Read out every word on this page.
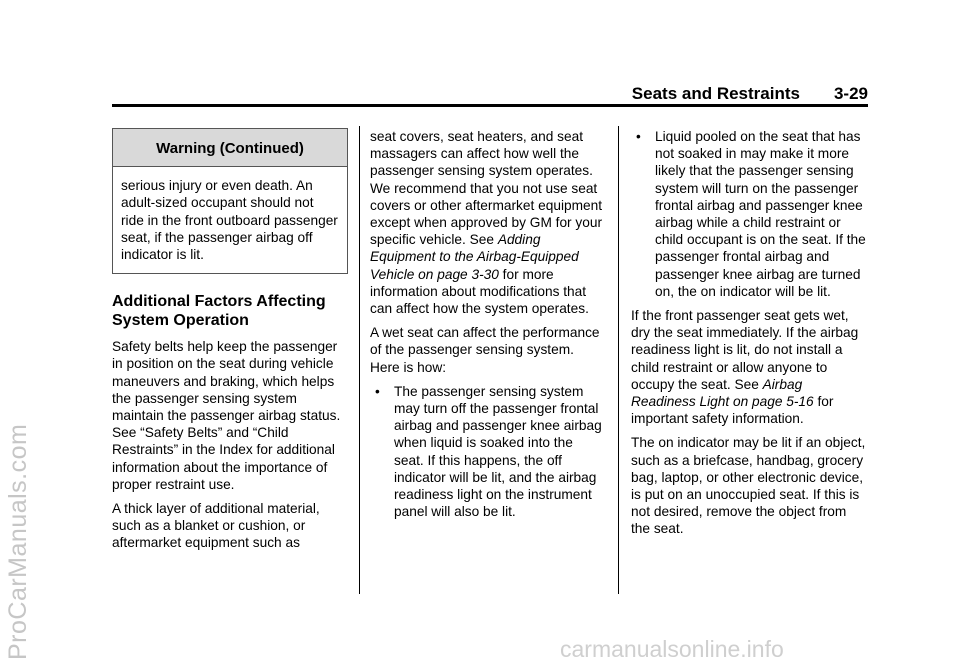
ProCarManuals.com	carmanualsonline.info
Seats and Restraints 3-29
Warning (Continued)
serious injury or even death. An adult-sized occupant should not ride in the front outboard passenger seat, if the passenger airbag off indicator is lit.
Additional Factors Affecting System Operation

Safety belts help keep the passenger in position on the seat during vehicle maneuvers and braking, which helps the passenger sensing system maintain the passenger airbag status. See “Safety Belts” and “Child Restraints” in the Index for additional information about the importance of proper restraint use.

A thick layer of additional material, such as a blanket or cushion, or aftermarket equipment such as

seat covers, seat heaters, and seat massagers can affect how well the passenger sensing system operates. We recommend that you not use seat covers or other aftermarket equipment except when approved by GM for your specific vehicle. See Adding Equipment to the Airbag-Equipped Vehicle on page 3-30 for more information about modifications that can affect how the system operates.

A wet seat can affect the performance of the passenger sensing system. Here is how:

• The passenger sensing system may turn off the passenger frontal airbag and passenger knee airbag when liquid is soaked into the seat. If this happens, the off indicator will be lit, and the airbag readiness light on the instrument panel will also be lit.
• Liquid pooled on the seat that has not soaked in may make it more likely that the passenger sensing system will turn on the passenger frontal airbag and passenger knee airbag while a child restraint or child occupant is on the seat. If the passenger frontal airbag and passenger knee airbag are turned on, the on indicator will be lit.

If the front passenger seat gets wet, dry the seat immediately. If the airbag readiness light is lit, do not install a child restraint or allow anyone to occupy the seat. See Airbag Readiness Light on page 5-16 for important safety information.

The on indicator may be lit if an object, such as a briefcase, handbag, grocery bag, laptop, or other electronic device, is put on an unoccupied seat. If this is not desired, remove the object from the seat.
